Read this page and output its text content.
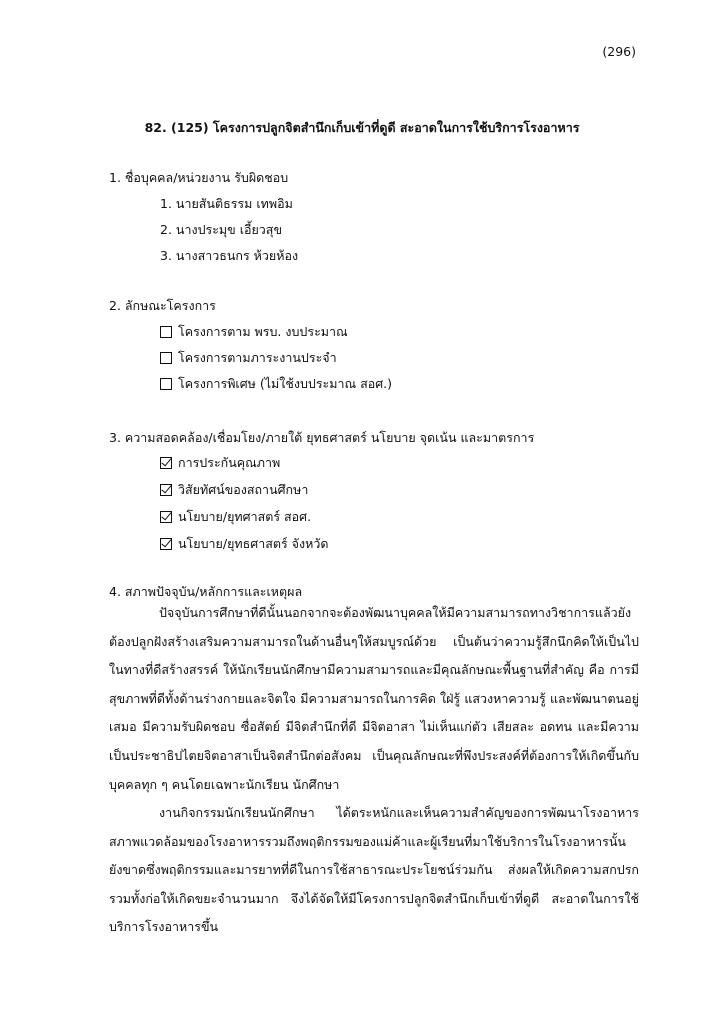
(296)
82. (125) โครงการปลูกจิตสำนึกเก็บเข้าที่ดูดี สะอาดในการใช้บริการโรงอาหาร
1. ชื่อบุคคล/หน่วยงาน รับผิดชอบ
1. นายสันติธรรม เทพอิม
2. นางประมุข เอี้ยวสุข
3. นางสาวธนกร ห้วยห้อง
2. ลักษณะโครงการ
โครงการตาม พรบ. งบประมาณ
โครงการตามภาระงานประจำ
โครงการพิเศษ (ไม่ใช้งบประมาณ สอศ.)
3. ความสอดคล้อง/เชื่อมโยง/ภายใต้ ยุทธศาสตร์ นโยบาย จุดเน้น และมาตรการ
การประกันคุณภาพ
วิสัยทัศน์ของสถานศึกษา
นโยบาย/ยุทศาสตร์ สอศ.
นโยบาย/ยุทธศาสตร์ จังหวัด
4. สภาพปัจจุบัน/หลักการและเหตุผล
ปัจจุบันการศึกษาที่ดีนั้นนอกจากจะต้องพัฒนาบุคคลให้มีความสามารถทางวิชาการแล้วยังต้องปลูกฝังสร้างเสริมความสามารถในด้านอื่นๆให้สมบูรณ์ด้วย เป็นต้นว่าความรู้สึกนึกคิดให้เป็นไปในทางที่ดีสร้างสรรค์ ให้นักเรียนนักศึกษามีความสามารถและมีคุณลักษณะพื้นฐานที่สำคัญ คือ การมีสุขภาพที่ดีทั้งด้านร่างกายและจิตใจ มีความสามารถในการคิด ใฝ่รู้ แสวงหาความรู้ และพัฒนาตนอยู่เสมอ มีความรับผิดชอบ ซื่อสัตย์ มีจิตสำนึกที่ดี มีจิตอาสา ไม่เห็นแก่ตัว เสียสละ อดทน และมีความเป็นประชาธิปไตยจิตอาสาเป็นจิตสำนึกต่อสังคม เป็นคุณลักษณะที่พึงประสงค์ที่ต้องการให้เกิดขึ้นกับบุคคลทุก ๆ คนโดยเฉพาะนักเรียน นักศึกษา
งานกิจกรรมนักเรียนนักศึกษา ได้ตระหนักและเห็นความสำคัญของการพัฒนาโรงอาหารสภาพแวดล้อมของโรงอาหารรวมถึงพฤติกรรมของแม่ค้าและผู้เรียนที่มาใช้บริการในโรงอาหารนั้น ยังขาดซึ่งพฤติกรรมและมารยาทที่ดีในการใช้สาธารณะประโยชน์ร่วมกัน ส่งผลให้เกิดความสกปรก รวมทั้งก่อให้เกิดขยะจำนวนมาก จึงได้จัดให้มีโครงการปลูกจิตสำนึกเก็บเข้าที่ดูดี สะอาดในการใช้บริการโรงอาหารขึ้น
